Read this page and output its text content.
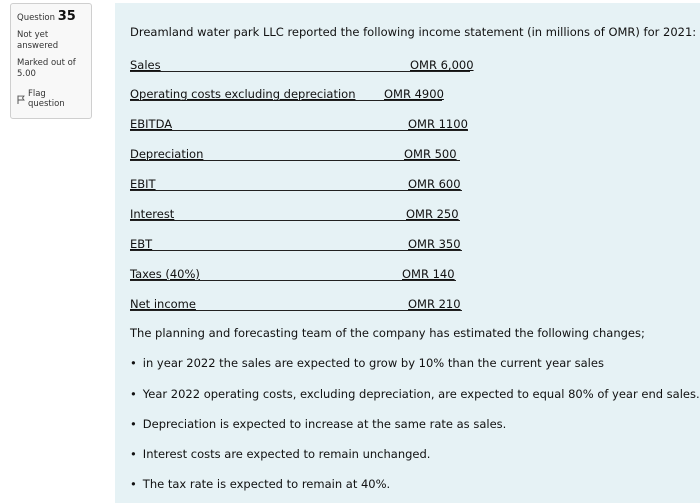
Question 35
Not yet answered
Marked out of
5.00
Flag question
Dreamland water park LLC reported the following income statement (in millions of OMR) for 2021:
Sales	OMR 6,000
Operating costs excluding depreciation OMR 4900
EBITDA	OMR 1100
Depreciation	OMR 500
EBIT	OMR 600
Interest	OMR 250
EBT	OMR 350
Taxes (40%)	OMR 140
Net income	OMR 210
The planning and forecasting team of the company has estimated the following changes;
• in year 2022 the sales are expected to grow by 10% than the current year sales
• Year 2022 operating costs, excluding depreciation, are expected to equal 80% of year end sales.
• Depreciation is expected to increase at the same rate as sales.
• Interest costs are expected to remain unchanged.
• The tax rate is expected to remain at 40%.
